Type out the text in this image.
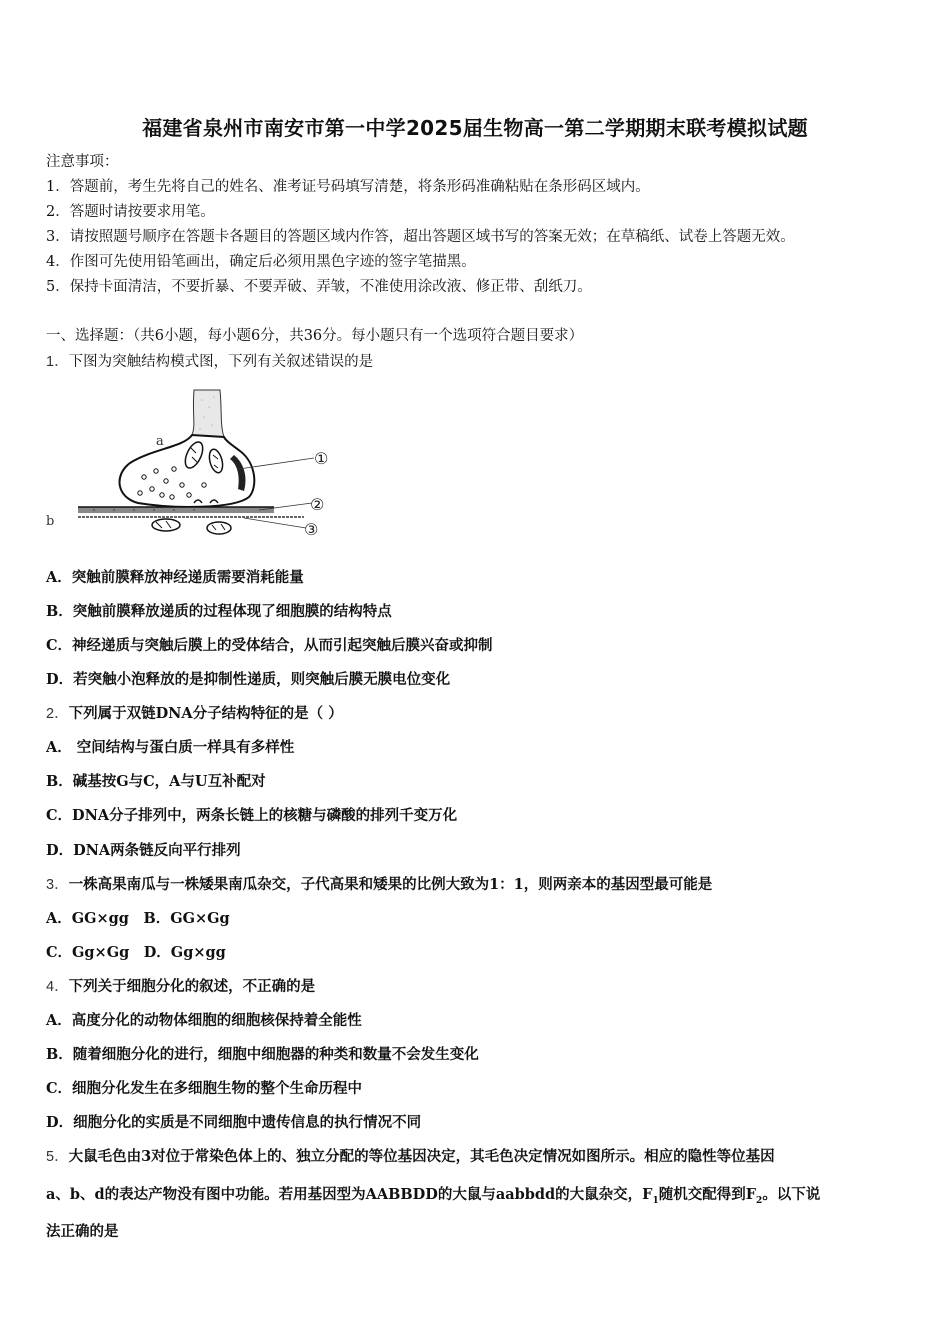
福建省泉州市南安市第一中学2025届生物高一第二学期期末联考模拟试题
注意事项：
1．答题前，考生先将自己的姓名、准考证号码填写清楚，将条形码准确粘贴在条形码区域内。
2．答题时请按要求用笔。
3．请按照题号顺序在答题卡各题目的答题区域内作答，超出答题区域书写的答案无效；在草稿纸、试卷上答题无效。
4．作图可先使用铅笔画出，确定后必须用黑色字迹的签字笔描黑。
5．保持卡面清洁，不要折暴、不要弄破、弄皱，不准使用涂改液、修正带、刮纸刀。
一、选择题：（共6小题，每小题6分，共36分。每小题只有一个选项符合题目要求）
1．下图为突触结构模式图，下列有关叙述错误的是
①
②
③
a
b
A．突触前膜释放神经递质需要消耗能量
B．突触前膜释放递质的过程体现了细胞膜的结构特点
C．神经递质与突触后膜上的受体结合，从而引起突触后膜兴奋或抑制
D．若突触小泡释放的是抑制性递质，则突触后膜无膜电位变化
2．下列属于双链DNA分子结构特征的是（ ）
A． 空间结构与蛋白质一样具有多样性
B．碱基按G与C，A与U互补配对
C．DNA分子排列中，两条长链上的核糖与磷酸的排列千变万化
D．DNA两条链反向平行排列
3．一株高果南瓜与一株矮果南瓜杂交，子代高果和矮果的比例大致为1：1，则两亲本的基因型最可能是
A．GG×gg　B．GG×Gg
C．Gg×Gg　D．Gg×gg
4．下列关于细胞分化的叙述，不正确的是
A．高度分化的动物体细胞的细胞核保持着全能性
B．随着细胞分化的进行，细胞中细胞器的种类和数量不会发生变化
C．细胞分化发生在多细胞生物的整个生命历程中
D．细胞分化的实质是不同细胞中遗传信息的执行情况不同
5．大鼠毛色由3对位于常染色体上的、独立分配的等位基因决定，其毛色决定情况如图所示。相应的隐性等位基因
a、b、d的表达产物没有图中功能。若用基因型为AABBDD的大鼠与aabbdd的大鼠杂交，$F_1$随机交配得到$F_2$。以下说
法正确的是
